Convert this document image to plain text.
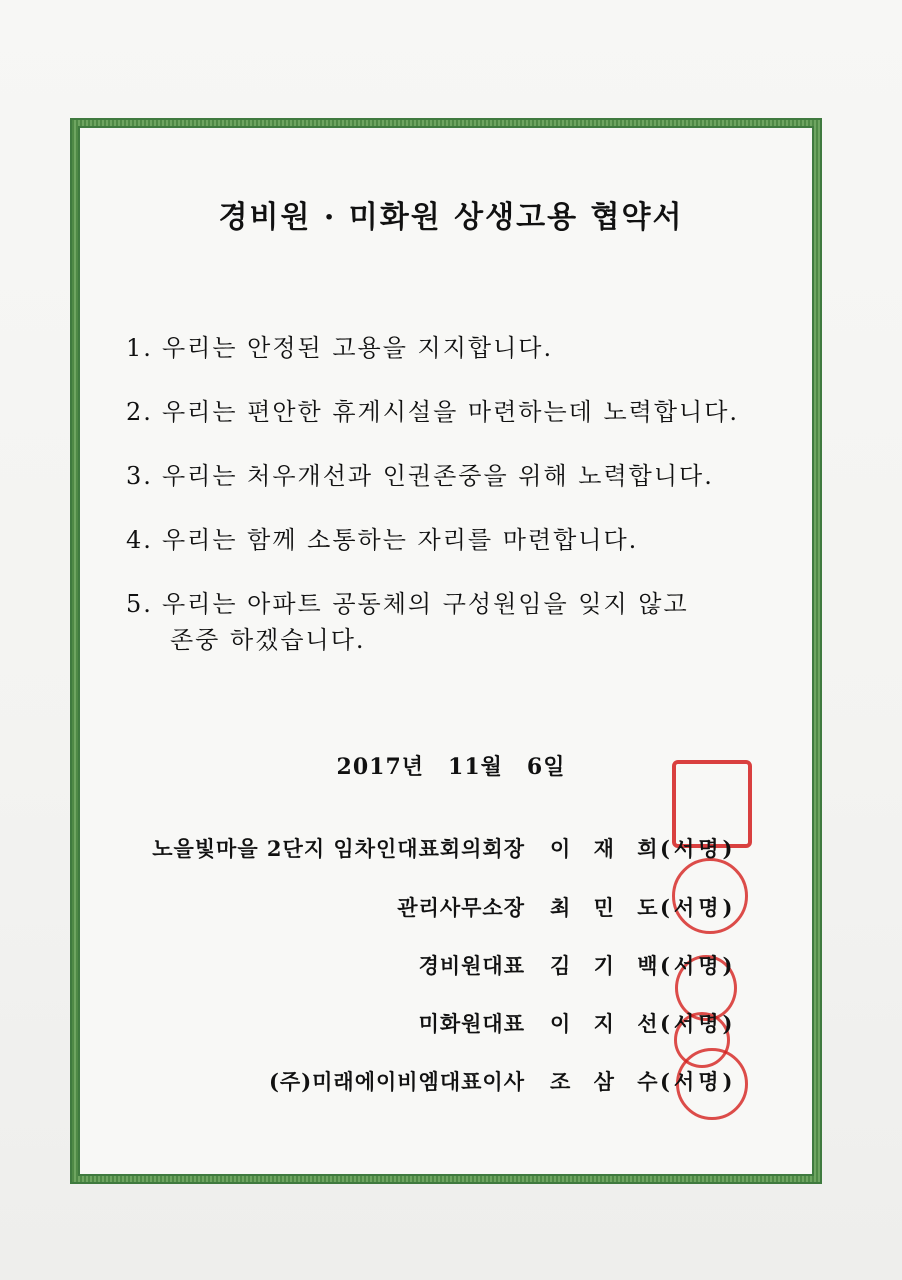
경비원 · 미화원 상생고용 협약서
1. 우리는 안정된 고용을 지지합니다.
2. 우리는 편안한 휴게시설을 마련하는데 노력합니다.
3. 우리는 처우개선과 인권존중을 위해 노력합니다.
4. 우리는 함께 소통하는 자리를 마련합니다.
5. 우리는 아파트 공동체의 구성원임을 잊지 않고
존중 하겠습니다.
2017년 11월 6일
노을빛마을 2단지 임차인대표회의회장 이 재 희
(서명)
관리사무소장 최 민 도
(서명)
경비원대표 김 기 백
(서명)
미화원대표 이 지 선
(서명)
(주)미래에이비엠대표이사 조 삼 수
(서명)
